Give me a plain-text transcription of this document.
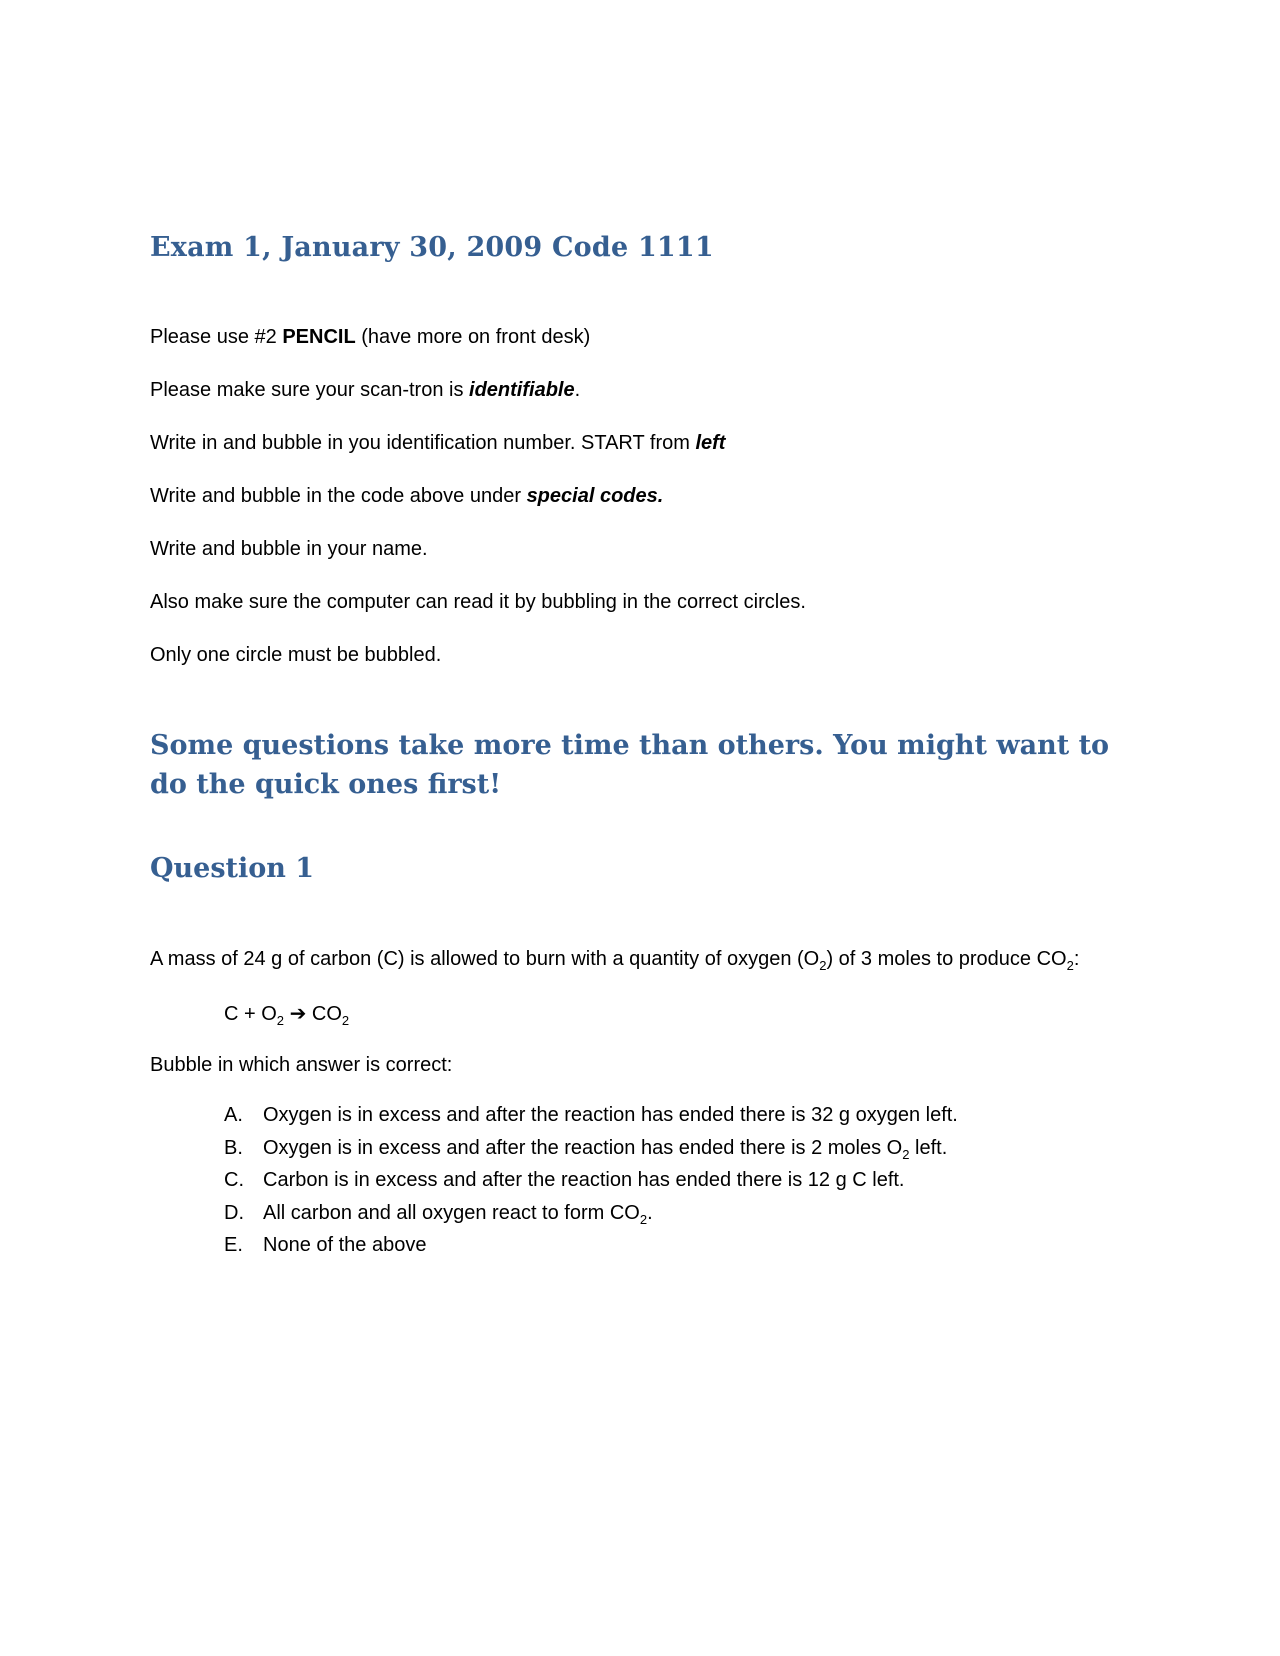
Exam 1, January 30, 2009 Code 1111
Please use #2 PENCIL (have more on front desk)
Please make sure your scan-tron is identifiable.
Write in and bubble in you identification number. START from left
Write and bubble in the code above under special codes.
Write and bubble in your name.
Also make sure the computer can read it by bubbling in the correct circles.
Only one circle must be bubbled.
Some questions take more time than others. You might want to do the quick ones first!
Question 1
A mass of 24 g of carbon (C) is allowed to burn with a quantity of oxygen $(O_2)$ of 3 moles to produce $CO_2$:
$C + O_2$ ➔ $CO_2$
Bubble in which answer is correct:
A.	Oxygen is in excess and after the reaction has ended there is 32 g oxygen left.
B.	Oxygen is in excess and after the reaction has ended there is 2 moles $O_2$ left.
C. Carbon is in excess and after the reaction has ended there is 12 g C left.
D. All carbon and all oxygen react to form $CO_2$.
E.	None of the above
